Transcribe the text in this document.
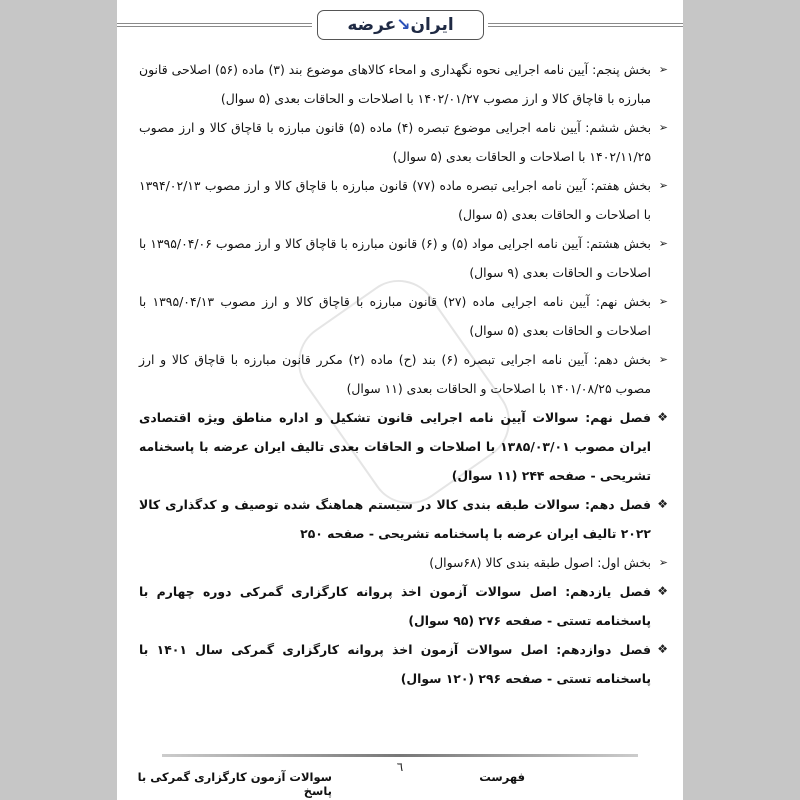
ایران
↘
عرضه
➢
بخش پنجم: آیین نامه اجرایی نحوه نگهداری و امحاء کالاهای موضوع بند (۳) ماده (۵۶) اصلاحی قانون مبارزه با قاچاق کالا و ارز مصوب ۱۴۰۲/۰۱/۲۷ با اصلاحات و الحاقات بعدی (۵ سوال)
➢
بخش ششم: آیین نامه اجرایی موضوع تبصره (۴) ماده (۵) قانون مبارزه با قاچاق کالا و ارز مصوب ۱۴۰۲/۱۱/۲۵ با اصلاحات و الحاقات بعدی (۵ سوال)
➢
بخش هفتم: آیین نامه اجرایی تبصره ماده (۷۷) قانون مبارزه با قاچاق کالا و ارز مصوب ۱۳۹۴/۰۲/۱۳ با اصلاحات و الحاقات بعدی (۵ سوال)
➢
بخش هشتم: آیین نامه اجرایی مواد (۵) و (۶) قانون مبارزه با قاچاق کالا و ارز مصوب ۱۳۹۵/۰۴/۰۶ با اصلاحات و الحاقات بعدی (۹ سوال)
➢
بخش نهم: آیین نامه اجرایی ماده (۲۷) قانون مبارزه با قاچاق کالا و ارز مصوب ۱۳۹۵/۰۴/۱۳ با اصلاحات و الحاقات بعدی (۵ سوال)
➢
بخش دهم: آیین نامه اجرایی تبصره (۶) بند (ح) ماده (۲) مکرر قانون مبارزه با قاچاق کالا و ارز مصوب ۱۴۰۱/۰۸/۲۵ با اصلاحات و الحاقات بعدی (۱۱ سوال)
❖
فصل نهم: سوالات آیین نامه اجرایی قانون تشکیل و اداره مناطق ویژه اقتصادی ایران مصوب ۱۳۸۵/۰۳/۰۱ با اصلاحات و الحاقات بعدی تالیف ایران عرضه با پاسخنامه تشریحی - صفحه ۲۴۴ (۱۱ سوال)
❖
فصل دهم: سوالات طبقه بندی کالا در سیستم هماهنگ شده توصیف و کدگذاری کالا ۲۰۲۲ تالیف ایران عرضه با پاسخنامه تشریحی - صفحه ۲۵۰
➢
بخش اول: اصول طبقه بندی کالا (۶۸سوال)
❖
فصل یازدهم: اصل سوالات آزمون اخذ پروانه کارگزاری گمرکی دوره چهارم با پاسخنامه تستی - صفحه ۲۷۶ (۹۵ سوال)
❖
فصل دوازدهم: اصل سوالات آزمون اخذ پروانه کارگزاری گمرکی سال ۱۴۰۱ با پاسخنامه تستی - صفحه ۲۹۶ (۱۲۰ سوال)
٦
سوالات آزمون کارگزاری گمرکی با پاسخ
فهرست
